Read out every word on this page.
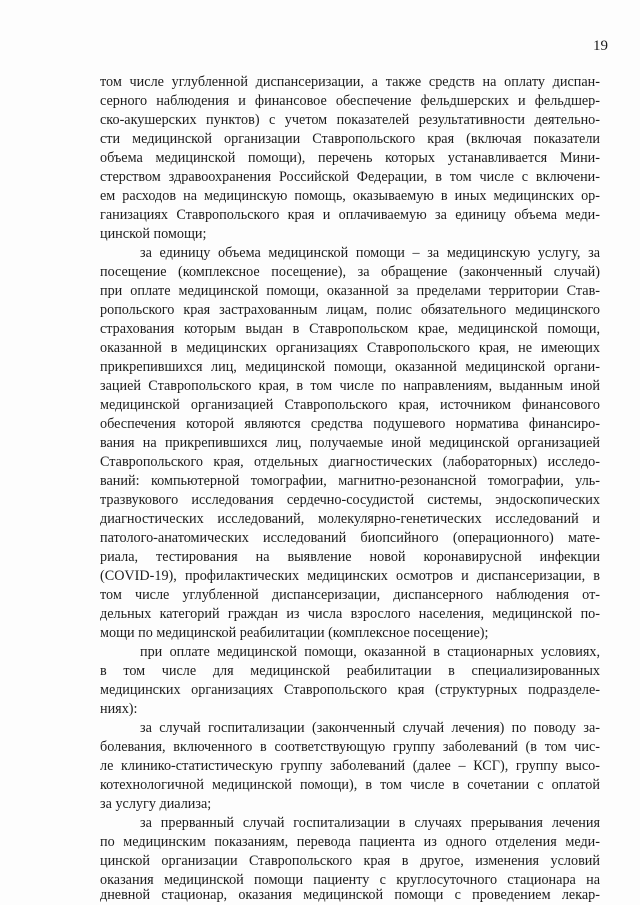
19
том числе углубленной диспансеризации, а также средств на оплату диспан-
серного наблюдения и финансовое обеспечение фельдшерских и фельдшер-
ско-акушерских пунктов) с учетом показателей результативности деятельно-
сти медицинской организации Ставропольского края (включая показатели
объема медицинской помощи), перечень которых устанавливается Мини-
стерством здравоохранения Российской Федерации, в том числе с включени-
ем расходов на медицинскую помощь, оказываемую в иных медицинских ор-
ганизациях Ставропольского края и оплачиваемую за единицу объема меди-
цинской помощи;
за единицу объема медицинской помощи – за медицинскую услугу, за
посещение (комплексное посещение), за обращение (законченный случай)
при оплате медицинской помощи, оказанной за пределами территории Став-
ропольского края застрахованным лицам, полис обязательного медицинского
страхования которым выдан в Ставропольском крае, медицинской помощи,
оказанной в медицинских организациях Ставропольского края, не имеющих
прикрепившихся лиц, медицинской помощи, оказанной медицинской органи-
зацией Ставропольского края, в том числе по направлениям, выданным иной
медицинской организацией Ставропольского края, источником финансового
обеспечения которой являются средства подушевого норматива финансиро-
вания на прикрепившихся лиц, получаемые иной медицинской организацией
Ставропольского края, отдельных диагностических (лабораторных) исследо-
ваний: компьютерной томографии, магнитно-резонансной томографии, уль-
тразвукового исследования сердечно-сосудистой системы, эндоскопических
диагностических исследований, молекулярно-генетических исследований и
патолого-анатомических исследований биопсийного (операционного) мате-
риала, тестирования на выявление новой коронавирусной инфекции
(COVID-19), профилактических медицинских осмотров и диспансеризации, в
том числе углубленной диспансеризации, диспансерного наблюдения от-
дельных категорий граждан из числа взрослого населения, медицинской по-
мощи по медицинской реабилитации (комплексное посещение);
при оплате медицинской помощи, оказанной в стационарных условиях,
в том числе для медицинской реабилитации в специализированных
медицинских организациях Ставропольского края (структурных подразделе-
ниях):
за случай госпитализации (законченный случай лечения) по поводу за-
болевания, включенного в соответствующую группу заболеваний (в том чис-
ле клинико-статистическую группу заболеваний (далее – КСГ), группу высо-
котехнологичной медицинской помощи), в том числе в сочетании с оплатой
за услугу диализа;
за прерванный случай госпитализации в случаях прерывания лечения
по медицинским показаниям, перевода пациента из одного отделения меди-
цинской организации Ставропольского края в другое, изменения условий
оказания медицинской помощи пациенту с круглосуточного стационара на
дневной стационар, оказания медицинской помощи с проведением лекар-
